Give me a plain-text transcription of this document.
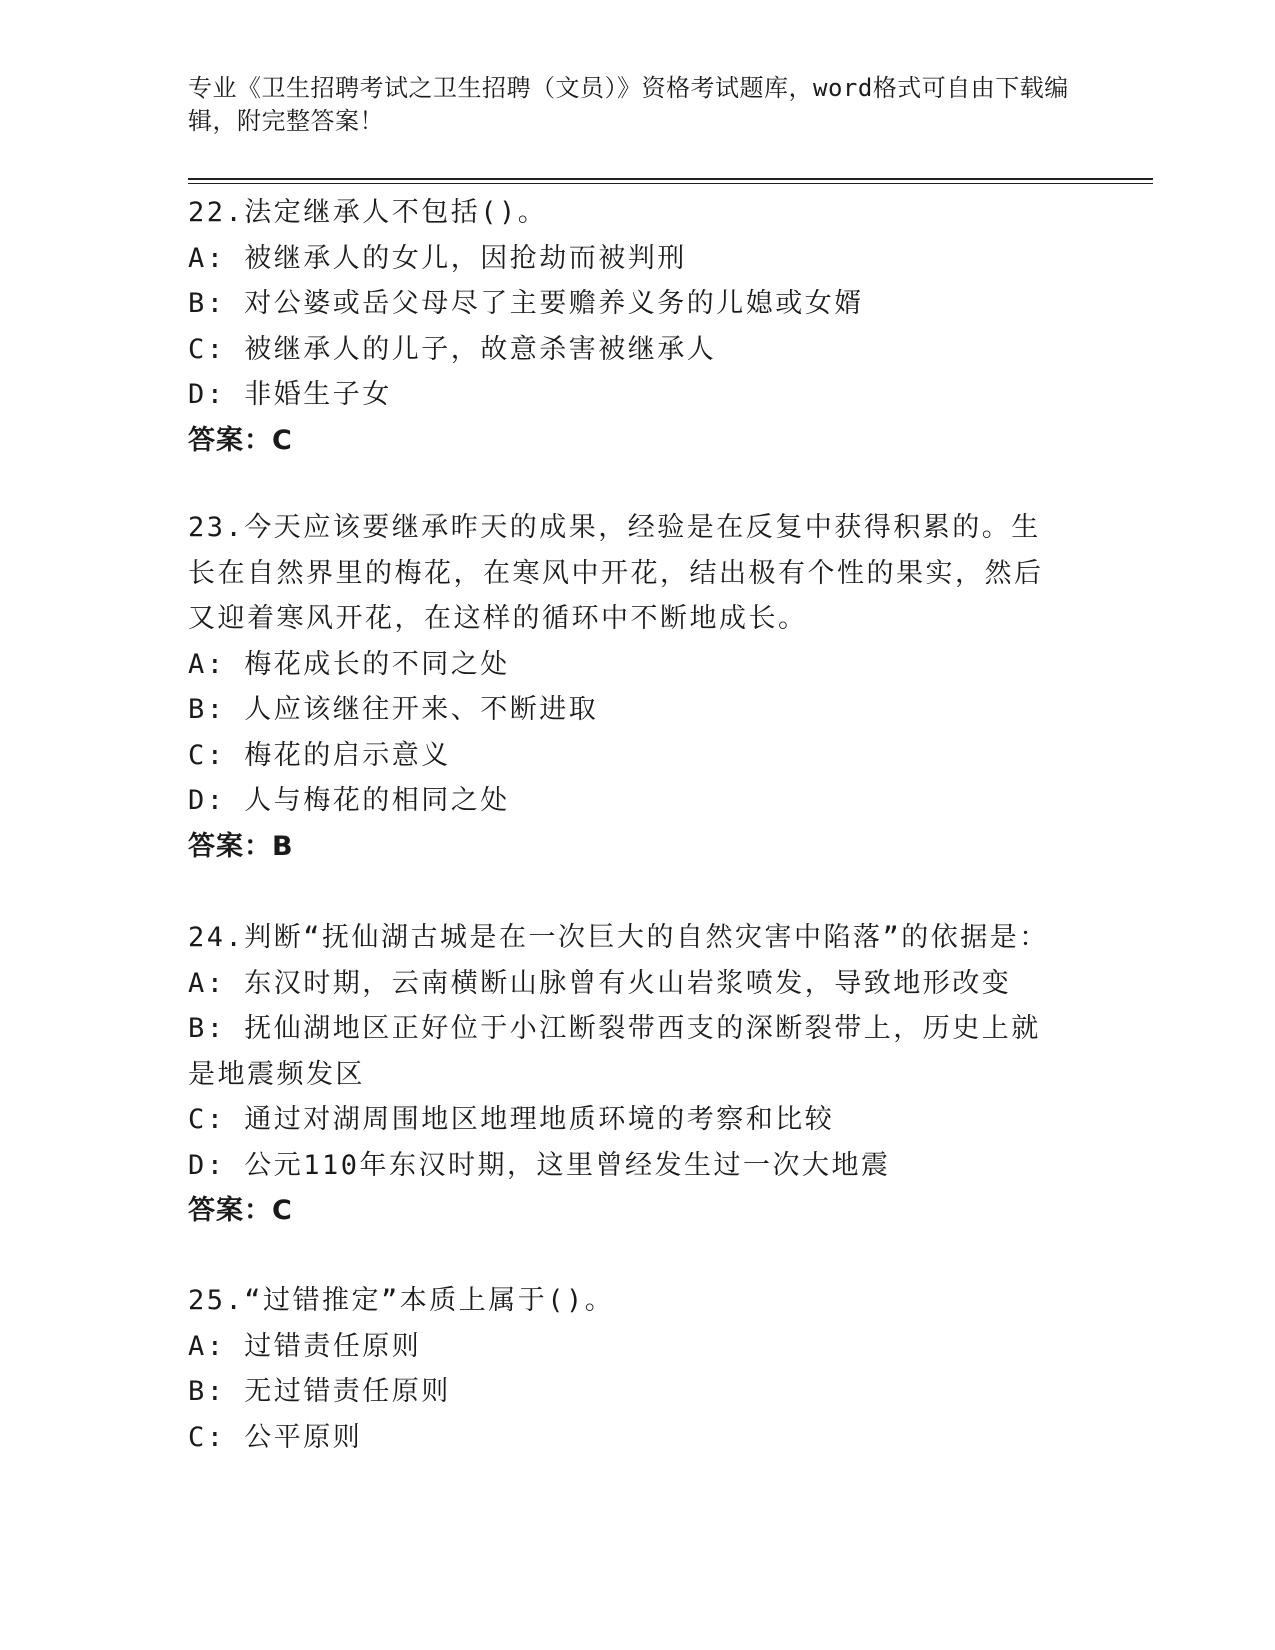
专业《卫生招聘考试之卫生招聘（文员）》资格考试题库，word格式可自由下载编辑，附完整答案！
22.法定继承人不包括()。
A: 被继承人的女儿，因抢劫而被判刑
B: 对公婆或岳父母尽了主要赡养义务的儿媳或女婿
C: 被继承人的儿子，故意杀害被继承人
D: 非婚生子女
答案：C
23.今天应该要继承昨天的成果，经验是在反复中获得积累的。生长在自然界里的梅花，在寒风中开花，结出极有个性的果实，然后又迎着寒风开花，在这样的循环中不断地成长。
A: 梅花成长的不同之处
B: 人应该继往开来、不断进取
C: 梅花的启示意义
D: 人与梅花的相同之处
答案：B
24.判断“抚仙湖古城是在一次巨大的自然灾害中陷落”的依据是：
A: 东汉时期，云南横断山脉曾有火山岩浆喷发，导致地形改变
B: 抚仙湖地区正好位于小江断裂带西支的深断裂带上，历史上就是地震频发区
C: 通过对湖周围地区地理地质环境的考察和比较
D: 公元110年东汉时期，这里曾经发生过一次大地震
答案：C
25.“过错推定”本质上属于()。
A: 过错责任原则
B: 无过错责任原则
C: 公平原则
